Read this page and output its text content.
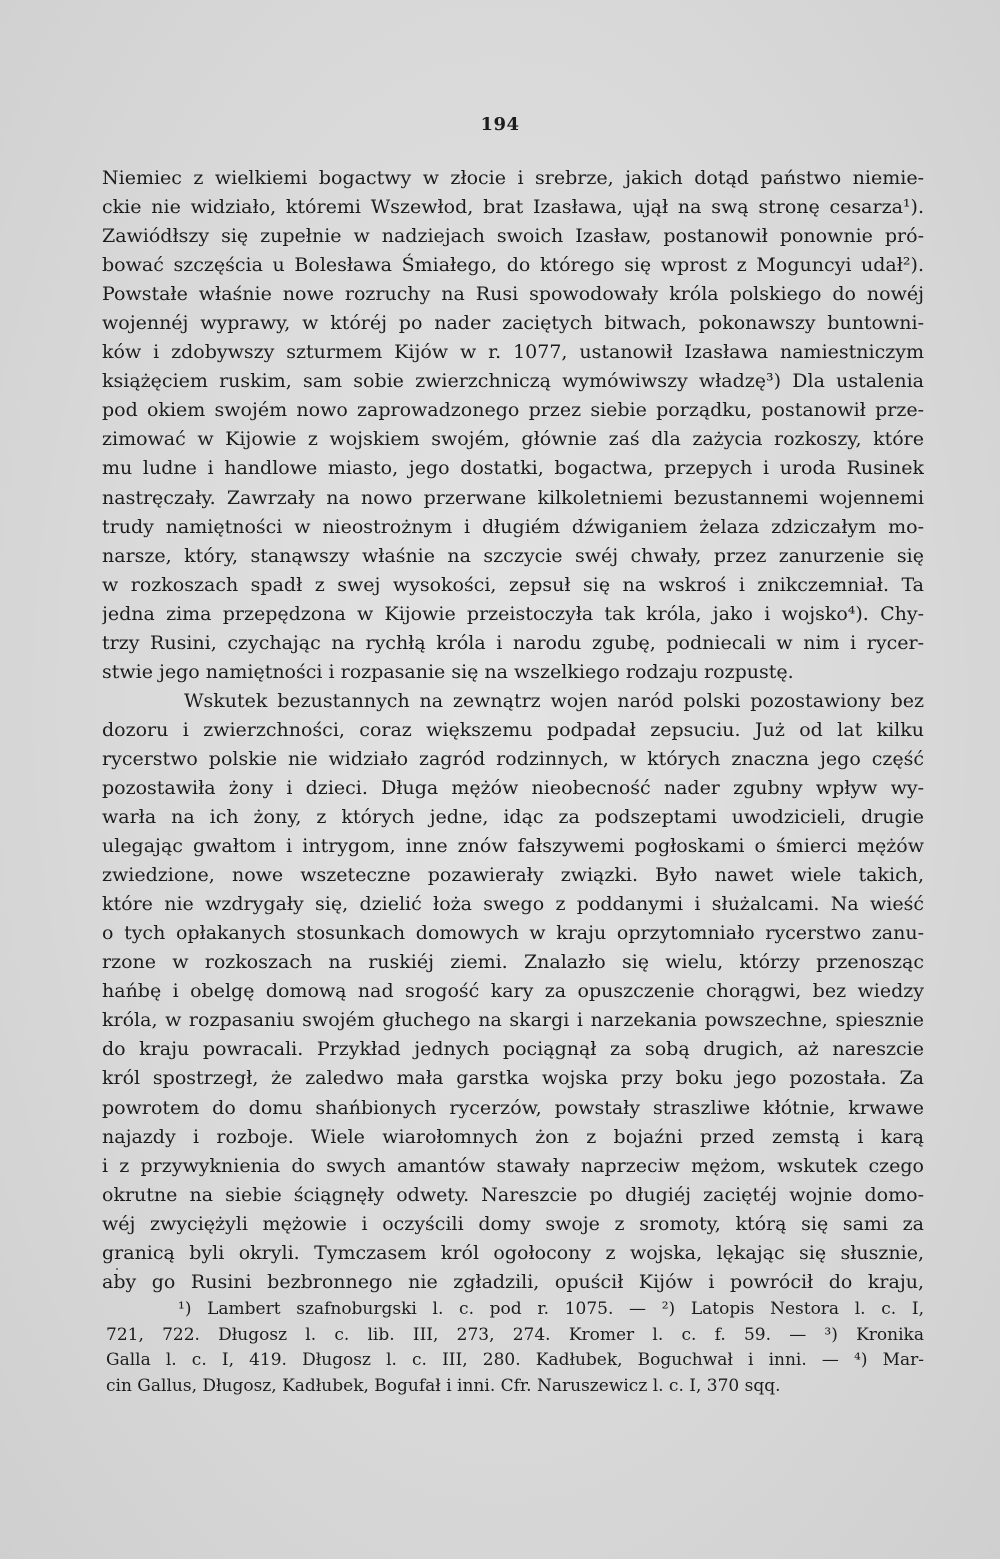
194
Niemiec z wielkiemi bogactwy w złocie i srebrze, jakich dotąd państwo niemie-
ckie nie widziało, któremi Wszewłod, brat Izasława, ujął na swą stronę cesarza¹).
Zawiódłszy się zupełnie w nadziejach swoich Izasław, postanowił ponownie pró-
bować szczęścia u Bolesława Śmiałego, do którego się wprost z Moguncyi udał²).
Powstałe właśnie nowe rozruchy na Rusi spowodowały króla polskiego do nowéj
wojennéj wyprawy, w któréj po nader zaciętych bitwach, pokonawszy buntowni-
ków i zdobywszy szturmem Kijów w r. 1077, ustanowił Izasława namiestniczym
książęciem ruskim, sam sobie zwierzchniczą wymówiwszy władzę³) Dla ustalenia
pod okiem swojém nowo zaprowadzonego przez siebie porządku, postanowił prze-
zimować w Kijowie z wojskiem swojém, głównie zaś dla zażycia rozkoszy, które
mu ludne i handlowe miasto, jego dostatki, bogactwa, przepych i uroda Rusinek
nastręczały. Zawrzały na nowo przerwane kilkoletniemi bezustannemi wojennemi
trudy namiętności w nieostrożnym i długiém dźwiganiem żelaza zdziczałym mo-
narsze, który, stanąwszy właśnie na szczycie swéj chwały, przez zanurzenie się
w rozkoszach spadł z swej wysokości, zepsuł się na wskroś i znikczemniał. Ta
jedna zima przepędzona w Kijowie przeistoczyła tak króla, jako i wojsko⁴). Chy-
trzy Rusini, czychając na rychłą króla i narodu zgubę, podniecali w nim i rycer-
stwie jego namiętności i rozpasanie się na wszelkiego rodzaju rozpustę.
Wskutek bezustannych na zewnątrz wojen naród polski pozostawiony bez
dozoru i zwierzchności, coraz większemu podpadał zepsuciu. Już od lat kilku
rycerstwo polskie nie widziało zagród rodzinnych, w których znaczna jego część
pozostawiła żony i dzieci. Długa mężów nieobecność nader zgubny wpływ wy-
warła na ich żony, z których jedne, idąc za podszeptami uwodzicieli, drugie
ulegając gwałtom i intrygom, inne znów fałszywemi pogłoskami o śmierci mężów
zwiedzione, nowe wszeteczne pozawierały związki. Było nawet wiele takich,
które nie wzdrygały się, dzielić łoża swego z poddanymi i służalcami. Na wieść
o tych opłakanych stosunkach domowych w kraju oprzytomniało rycerstwo zanu-
rzone w rozkoszach na ruskiéj ziemi. Znalazło się wielu, którzy przenosząc
hańbę i obelgę domową nad srogość kary za opuszczenie chorągwi, bez wiedzy
króla, w rozpasaniu swojém głuchego na skargi i narzekania powszechne, spiesznie
do kraju powracali. Przykład jednych pociągnął za sobą drugich, aż nareszcie
król spostrzegł, że zaledwo mała garstka wojska przy boku jego pozostała. Za
powrotem do domu shańbionych rycerzów, powstały straszliwe kłótnie, krwawe
najazdy i rozboje. Wiele wiarołomnych żon z bojaźni przed zemstą i karą
i z przywyknienia do swych amantów stawały naprzeciw mężom, wskutek czego
okrutne na siebie ściągnęły odwety. Nareszcie po długiéj zaciętéj wojnie domo-
wéj zwyciężyli mężowie i oczyścili domy swoje z sromoty, którą się sami za
granicą byli okryli. Tymczasem król ogołocony z wojska, lękając się słusznie,
aby go Rusini bezbronnego nie zgładzili, opuścił Kijów i powrócił do kraju,
¹) Lambert szafnoburgski l. c. pod r. 1075. — ²) Latopis Nestora l. c. I,
721, 722. Długosz l. c. lib. III, 273, 274. Kromer l. c. f. 59. — ³) Kronika
Galla l. c. I, 419. Długosz l. c. III, 280. Kadłubek, Boguchwał i inni. — ⁴) Mar-
cin Gallus, Długosz, Kadłubek, Bogufał i inni. Cfr. Naruszewicz l. c. I, 370 sqq.
